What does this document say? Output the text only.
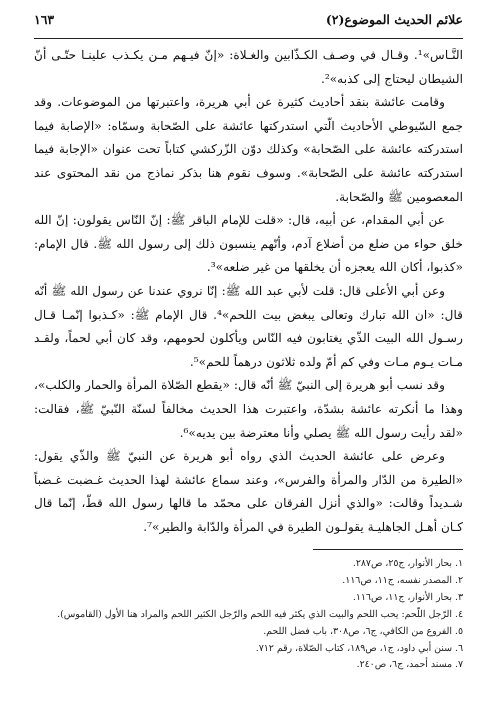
علائم الحديث الموضوع(٢)
١٦٣

النَّـاس»¹. وقـال في وصـف الكـذّابين والغـلاة: «إنّ فيـهم مـن يكـذب علينـا حتّـى أنّ الشيطان ليحتاج إلى كذبه»².

وقامت عائشة بنقد أحاديث كثيرة عن أبي هريرة، واعتبرتها من الموضوعات. وقد جمع السّيوطي الأحاديث الّتي استدركتها عائشة على الصّحابة وسمّاه: «الإصابة فيما استدركته عائشة على الصّحابة» وكذلك دوّن الزّركشي كتاباً تحت عنوان «الإجابة فيما استدركته عائشة على الصّحابة». وسوف نقوم هنا بذكر نماذج من نقد المحتوى عند المعصومين ﷺ والصّحابة.

عن أبي المقدام، عن أبيه، قال: «قلت للإمام الباقر ﷺ: إنّ النّاس يقولون: إنّ الله خلق حواء من ضلع من أضلاع آدم، وأنّهم ينسبون ذلك إلى رسول الله ﷺ. قال الإمام: «كذبوا، أكان الله يعجزه أن يخلقها من غير ضلعه»³.

وعن أبي الأعلى قال: قلت لأبي عبد الله ﷺ: إنّا نروي عندنا عن رسول الله ﷺ أنّه قال: «ان الله تبارك وتعالى يبغض بيت اللحم»⁴. قال الإمام ﷺ: «كـذبوا إنّمـا قـال رسـول الله البيت الذّي يغتابون فيه النّاس ويأكلون لحومهم، وقد كان أبي لحماً، ولقـد مـات يـوم مـات وفي كم أمّ ولده ثلاثون درهماً للحم»⁵.

وقد نسب أبو هريرة إلى النبيّ ﷺ أنّه قال: «يقطع الصّلاة المرأة والحمار والكلب»، وهذا ما أنكرته عائشة بشدّة، واعتبرت هذا الحديث مخالفاً لسنّة النّبيّ ﷺ، فقالت: «لقد رأيت رسول الله ﷺ يصلي وأنا معترضة بين يديه»⁶.

وعرض على عائشة الحديث الذي رواه أبو هريرة عن النبيّ ﷺ والذّي يقول: «الطيرة من الدّار والمرأة والفرس»، وعند سماع عائشة لهذا الحديث غـضبت غـضباً شـديداً وقالت: «والذي أنزل الفرقان على محمّد ما قالها رسول الله قطّ، إنّما قال كـان أهـل الجاهليـة يقولـون الطيرة في المرأة والدّابة والطير»⁷.

١. بحار الأنوار، ج٢٥، ص٢٨٧.

٢. المصدر نفسه، ج١١، ص١١٦.

٣. بحار الأنوار، ج١١، ص١١٦.

٤. الرّجل اللّحم: يحب اللحم والبيت الذي يكثر فيه اللحم والرّجل الكثير اللحم والمراد هنا الأول (القاموس).

٥. الفروع من الكافي، ج٦، ص٣٠٨، باب فضل اللحم.

٦. سنن أبي داود، ج١، ص١٨٩، كتاب الصّلاة، رقم ٧١٢.

٧. مسند أحمد، ج٦، ص٢٤٠.
